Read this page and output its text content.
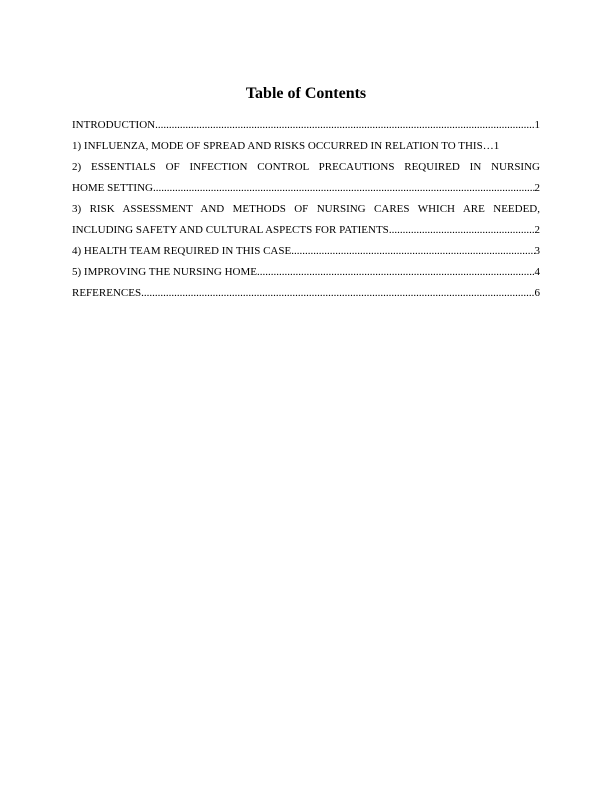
Table of Contents
INTRODUCTION .....	1
1) INFLUENZA, MODE OF SPREAD AND RISKS OCCURRED IN RELATION TO THIS… 1
2) ESSENTIALS OF INFECTION CONTROL PRECAUTIONS REQUIRED IN NURSING
HOME SETTING .....	2
3) RISK ASSESSMENT AND METHODS OF NURSING CARES WHICH ARE NEEDED,
INCLUDING SAFETY AND CULTURAL ASPECTS FOR PATIENTS .....	2
4) HEALTH TEAM REQUIRED IN THIS CASE .....	3
5) IMPROVING THE NURSING HOME .....	4
REFERENCES .....	6
